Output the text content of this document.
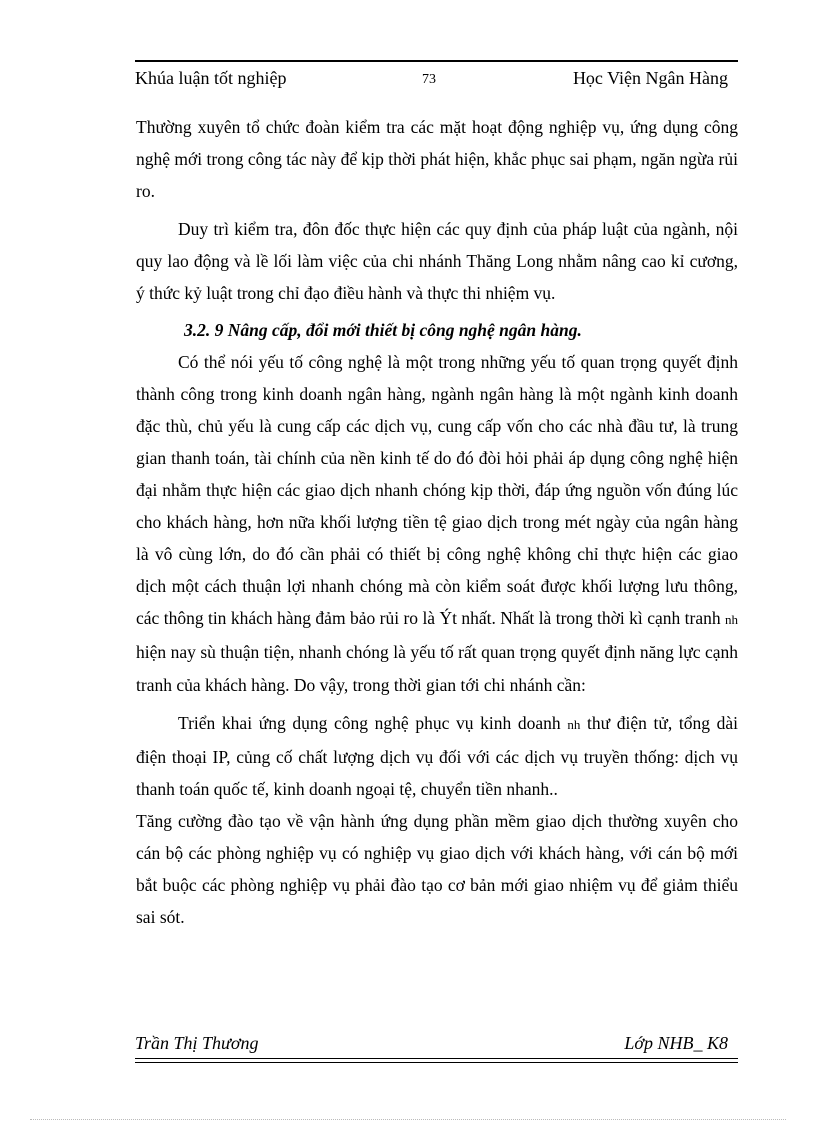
Khúa luận tốt nghiệp	73	Học Viện Ngân Hàng

Thường xuyên tổ chức đoàn kiểm tra các mặt hoạt động nghiệp vụ, ứng dụng công nghệ mới trong công tác này để kịp thời phát hiện, khắc phục sai phạm, ngăn ngừa rủi ro.

Duy trì kiểm tra, đôn đốc thực hiện các quy định của pháp luật của ngành, nội quy lao động và lề lối làm việc của chi nhánh Thăng Long nhằm nâng cao kỉ cương, ý thức kỷ luật trong chỉ đạo điều hành và thực thi nhiệm vụ.

3.2. 9 Nâng cấp, đổi mới thiết bị công nghệ ngân hàng.

Có thể nói yếu tố công nghệ là một trong những yếu tố quan trọng quyết định thành công trong kinh doanh ngân hàng, ngành ngân hàng là một ngành kinh doanh đặc thù, chủ yếu là cung cấp các dịch vụ, cung cấp vốn cho các nhà đầu tư, là trung gian thanh toán, tài chính của nền kinh tế do đó đòi hỏi phải áp dụng công nghệ hiện đại nhằm thực hiện các giao dịch nhanh chóng kịp thời, đáp ứng nguồn vốn đúng lúc cho khách hàng, hơn nữa khối lượng tiền tệ giao dịch trong mét ngày của ngân hàng là vô cùng lớn, do đó cần phải có thiết bị công nghệ không chỉ thực hiện các giao dịch một cách thuận lợi nhanh chóng mà còn kiểm soát được khối lượng lưu thông, các thông tin khách hàng đảm bảo rủi ro là Ýt nhất. Nhất là trong thời kì cạnh tranh nh hiện nay sù thuận tiện, nhanh chóng là yếu tố rất quan trọng quyết định năng lực cạnh tranh của khách hàng. Do vậy, trong thời gian tới chi nhánh cần:

Triển khai ứng dụng công nghệ phục vụ kinh doanh nh thư điện tử, tổng dài điện thoại IP, củng cố chất lượng dịch vụ đối với các dịch vụ truyền thống: dịch vụ thanh toán quốc tế, kinh doanh ngoại tệ, chuyển tiền nhanh..

Tăng cường đào tạo về vận hành ứng dụng phần mềm giao dịch thường xuyên cho cán bộ các phòng nghiệp vụ có nghiệp vụ giao dịch với khách hàng, với cán bộ mới bắt buộc các phòng nghiệp vụ phải đào tạo cơ bản mới giao nhiệm vụ để giảm thiểu sai sót.

Trần Thị Thương	Lớp NHB_ K8
